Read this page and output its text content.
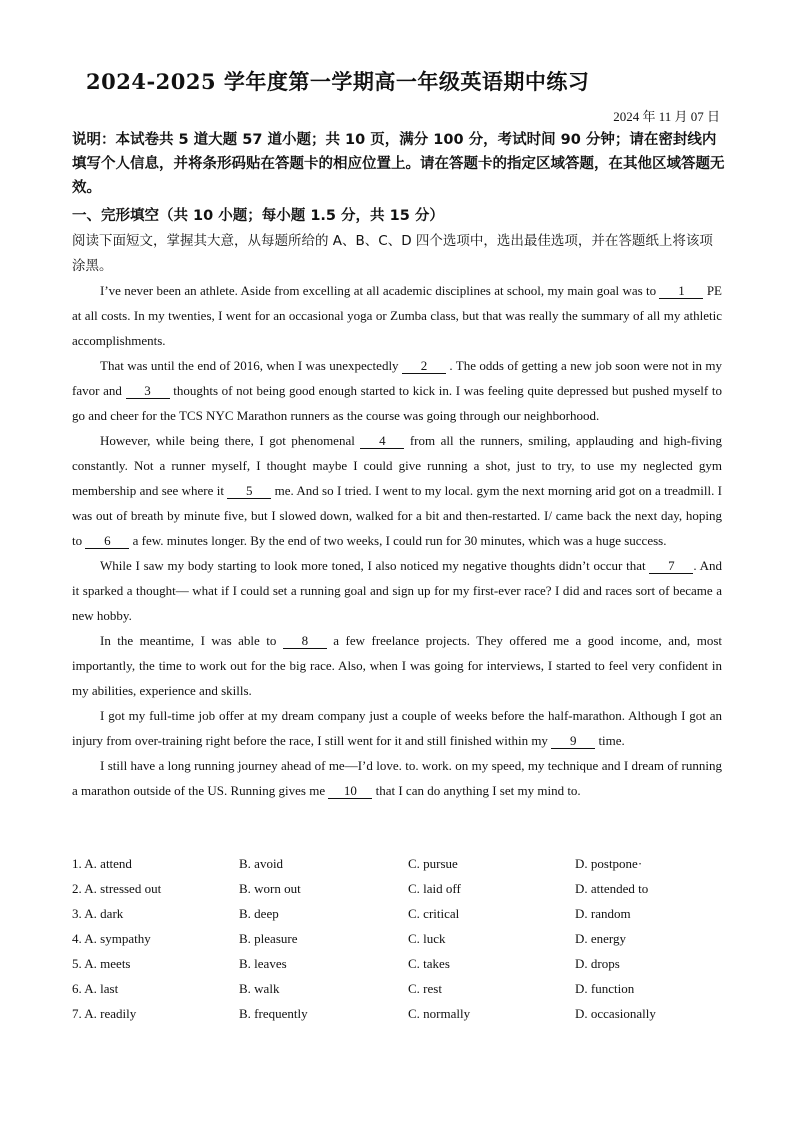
2024-2025 学年度第一学期高一年级英语期中练习
2024 年 11 月 07 日
说明：本试卷共 5 道大题 57 道小题；共 10 页，满分 100 分，考试时间 90 分钟；请在密封线内填写个人信息，并将条形码贴在答题卡的相应位置上。请在答题卡的指定区域答题，在其他区域答题无效。
一、完形填空（共 10 小题；每小题 1.5 分，共 15 分）
阅读下面短文，掌握其大意，从每题所给的 A、B、C、D 四个选项中，选出最佳选项，并在答题纸上将该项涂黑。

I’ve never been an athlete. Aside from excelling at all academic disciplines at school, my main goal was to 1 PE at all costs. In my twenties, I went for an occasional yoga or Zumba class, but that was really the summary of all my athletic accomplishments.

That was until the end of 2016, when I was unexpectedly 2 . The odds of getting a new job soon were not in my favor and 3 thoughts of not being good enough started to kick in. I was feeling quite depressed but pushed myself to go and cheer for the TCS NYC Marathon runners as the course was going through our neighborhood.

However, while being there, I got phenomenal 4 from all the runners, smiling, applauding and high-fiving constantly. Not a runner myself, I thought maybe I could give running a shot, just to try, to use my neglected gym membership and see where it 5 me. And so I tried. I went to my local. gym the next morning arid got on a treadmill. I was out of breath by minute five, but I slowed down, walked for a bit and then-restarted. I/ came back the next day, hoping to 6 a few. minutes longer. By the end of two weeks, I could run for 30 minutes, which was a huge success.

While I saw my body starting to look more toned, I also noticed my negative thoughts didn’t occur that 7 . And it sparked a thought— what if I could set a running goal and sign up for my first-ever race? I did and races sort of became a new hobby.

In the meantime, I was able to 8 a few freelance projects. They offered me a good income, and, most importantly, the time to work out for the big race. Also, when I was going for interviews, I started to feel very confident in my abilities, experience and skills.

I got my full-time job offer at my dream company just a couple of weeks before the half-marathon. Although I got an injury from over-training right before the race, I still went for it and still finished within my 9 time.

I still have a long running journey ahead of me—I’d love. to. work. on my speed, my technique and I dream of running a marathon outside of the US. Running gives me 10 that I can do anything I set my mind to.

1. A. attend	B. avoid	C. pursue	D. postpone·
2. A. stressed out	B. worn out	C. laid off	D. attended to
3. A. dark	B. deep	C. critical	D. random
4. A. sympathy	B. pleasure	C. luck	D. energy
5. A. meets	B. leaves	C. takes	D. drops
6. A. last	B. walk	C. rest	D. function
7. A. readily	B. frequently	C. normally	D. occasionally
